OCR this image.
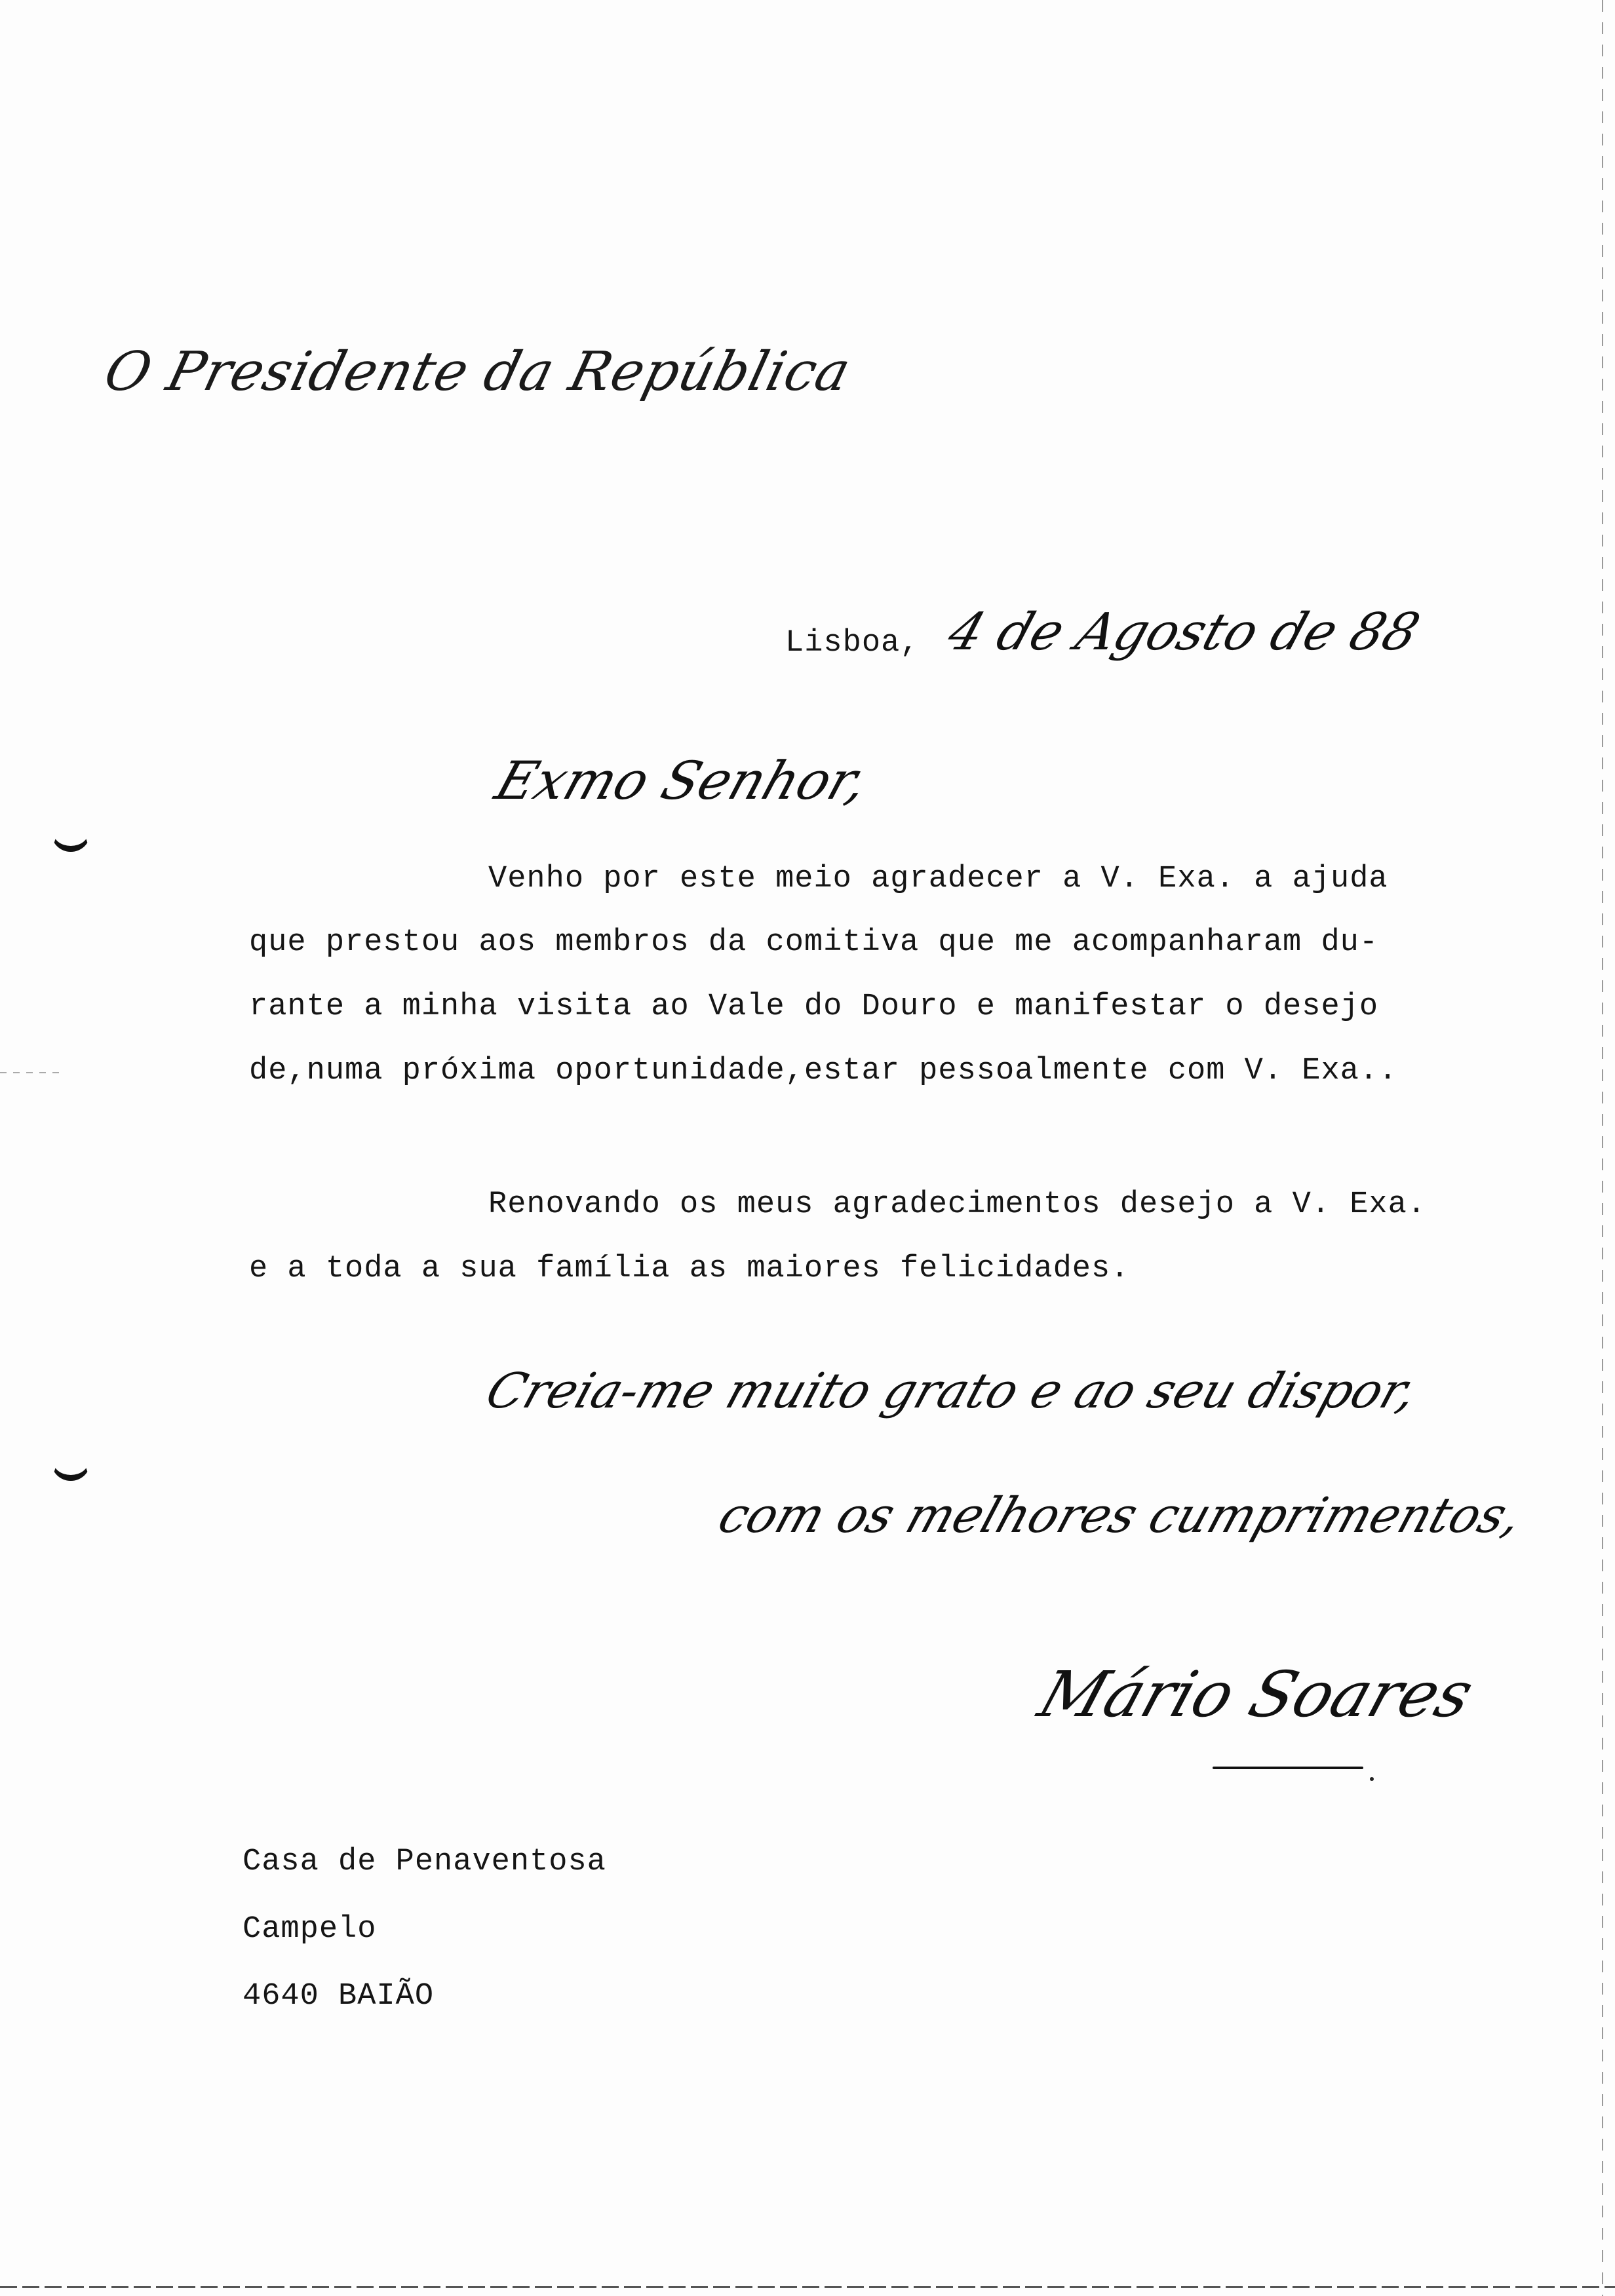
O Presidente da República
Lisboa, 4 de Agosto de 88
Exmo Senhor,
Venho por este meio agradecer a V. Exa. a ajuda
que prestou aos membros da comitiva que me acompanharam du-
rante a minha visita ao Vale do Douro e manifestar o desejo
de,numa próxima oportunidade,estar pessoalmente com V. Exa..
Renovando os meus agradecimentos desejo a V. Exa.
e a toda a sua família as maiores felicidades.
Creia-me muito grato e ao seu dispor,
com os melhores cumprimentos,
Mário Soares
Casa de Penaventosa
Campelo
4640 BAIÃO
